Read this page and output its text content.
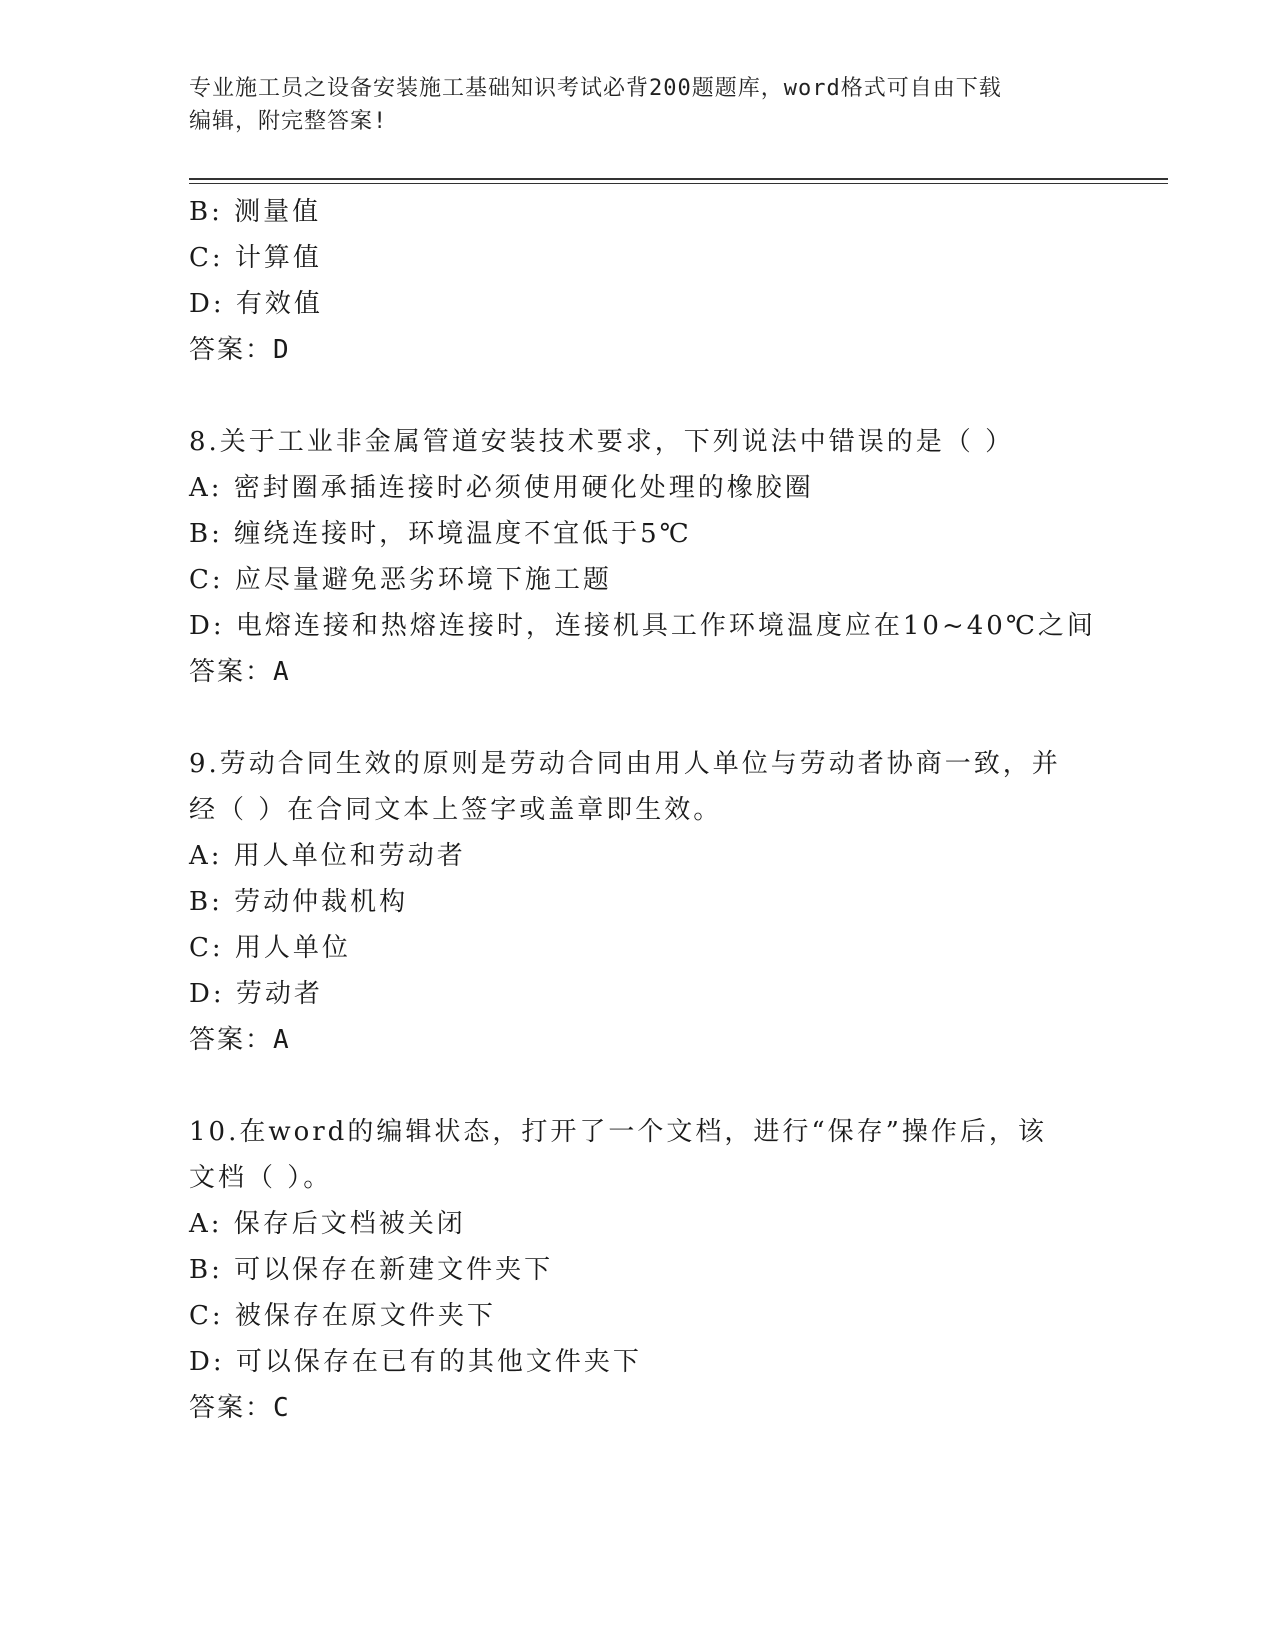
专业施工员之设备安装施工基础知识考试必背200题题库，word格式可自由下载
编辑，附完整答案!
B: 测量值
C: 计算值
D: 有效值
答案：D
8.关于工业非金属管道安装技术要求，下列说法中错误的是（ ）
A: 密封圈承插连接时必须使用硬化处理的橡胶圈
B: 缠绕连接时，环境温度不宜低于5℃
C: 应尽量避免恶劣环境下施工题
D: 电熔连接和热熔连接时，连接机具工作环境温度应在10~40℃之间
答案：A
9.劳动合同生效的原则是劳动合同由用人单位与劳动者协商一致，并经（ ）在合同文本上签字或盖章即生效。
A: 用人单位和劳动者
B: 劳动仲裁机构
C: 用人单位
D: 劳动者
答案：A
10.在word的编辑状态，打开了一个文档，进行“保存”操作后，该文档（ ）。
A: 保存后文档被关闭
B: 可以保存在新建文件夹下
C: 被保存在原文件夹下
D: 可以保存在已有的其他文件夹下
答案：C
